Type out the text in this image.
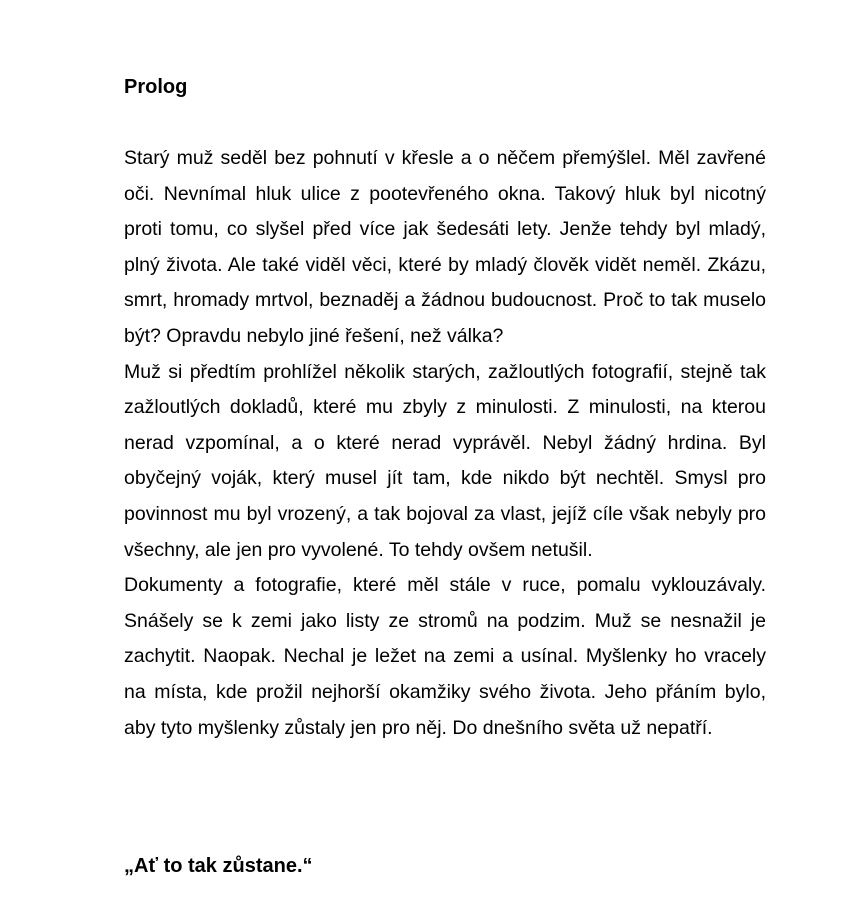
Prolog

Starý muž seděl bez pohnutí v křesle a o něčem přemýšlel. Měl zavřené oči. Nevnímal hluk ulice z pootevřeného okna. Takový hluk byl nicotný proti tomu, co slyšel před více jak šedesáti lety. Jenže tehdy byl mladý, plný života. Ale také viděl věci, které by mladý člověk vidět neměl. Zkázu, smrt, hromady mrtvol, beznaděj a žádnou budoucnost. Proč to tak muselo být? Opravdu nebylo jiné řešení, než válka?

Muž si předtím prohlížel několik starých, zažloutlých fotografií, stejně tak zažloutlých dokladů, které mu zbyly z minulosti. Z minulosti, na kterou nerad vzpomínal, a o které nerad vyprávěl. Nebyl žádný hrdina. Byl obyčejný voják, který musel jít tam, kde nikdo být nechtěl. Smysl pro povinnost mu byl vrozený, a tak bojoval za vlast, jejíž cíle však nebyly pro všechny, ale jen pro vyvolené. To tehdy ovšem netušil.

Dokumenty a fotografie, které měl stále v ruce, pomalu vyklouzávaly. Snášely se k zemi jako listy ze stromů na podzim. Muž se nesnažil je zachytit. Naopak. Nechal je ležet na zemi a usínal. Myšlenky ho vracely na místa, kde prožil nejhorší okamžiky svého života. Jeho přáním bylo, aby tyto myšlenky zůstaly jen pro něj. Do dnešního světa už nepatří.

„Ať to tak zůstane.“
